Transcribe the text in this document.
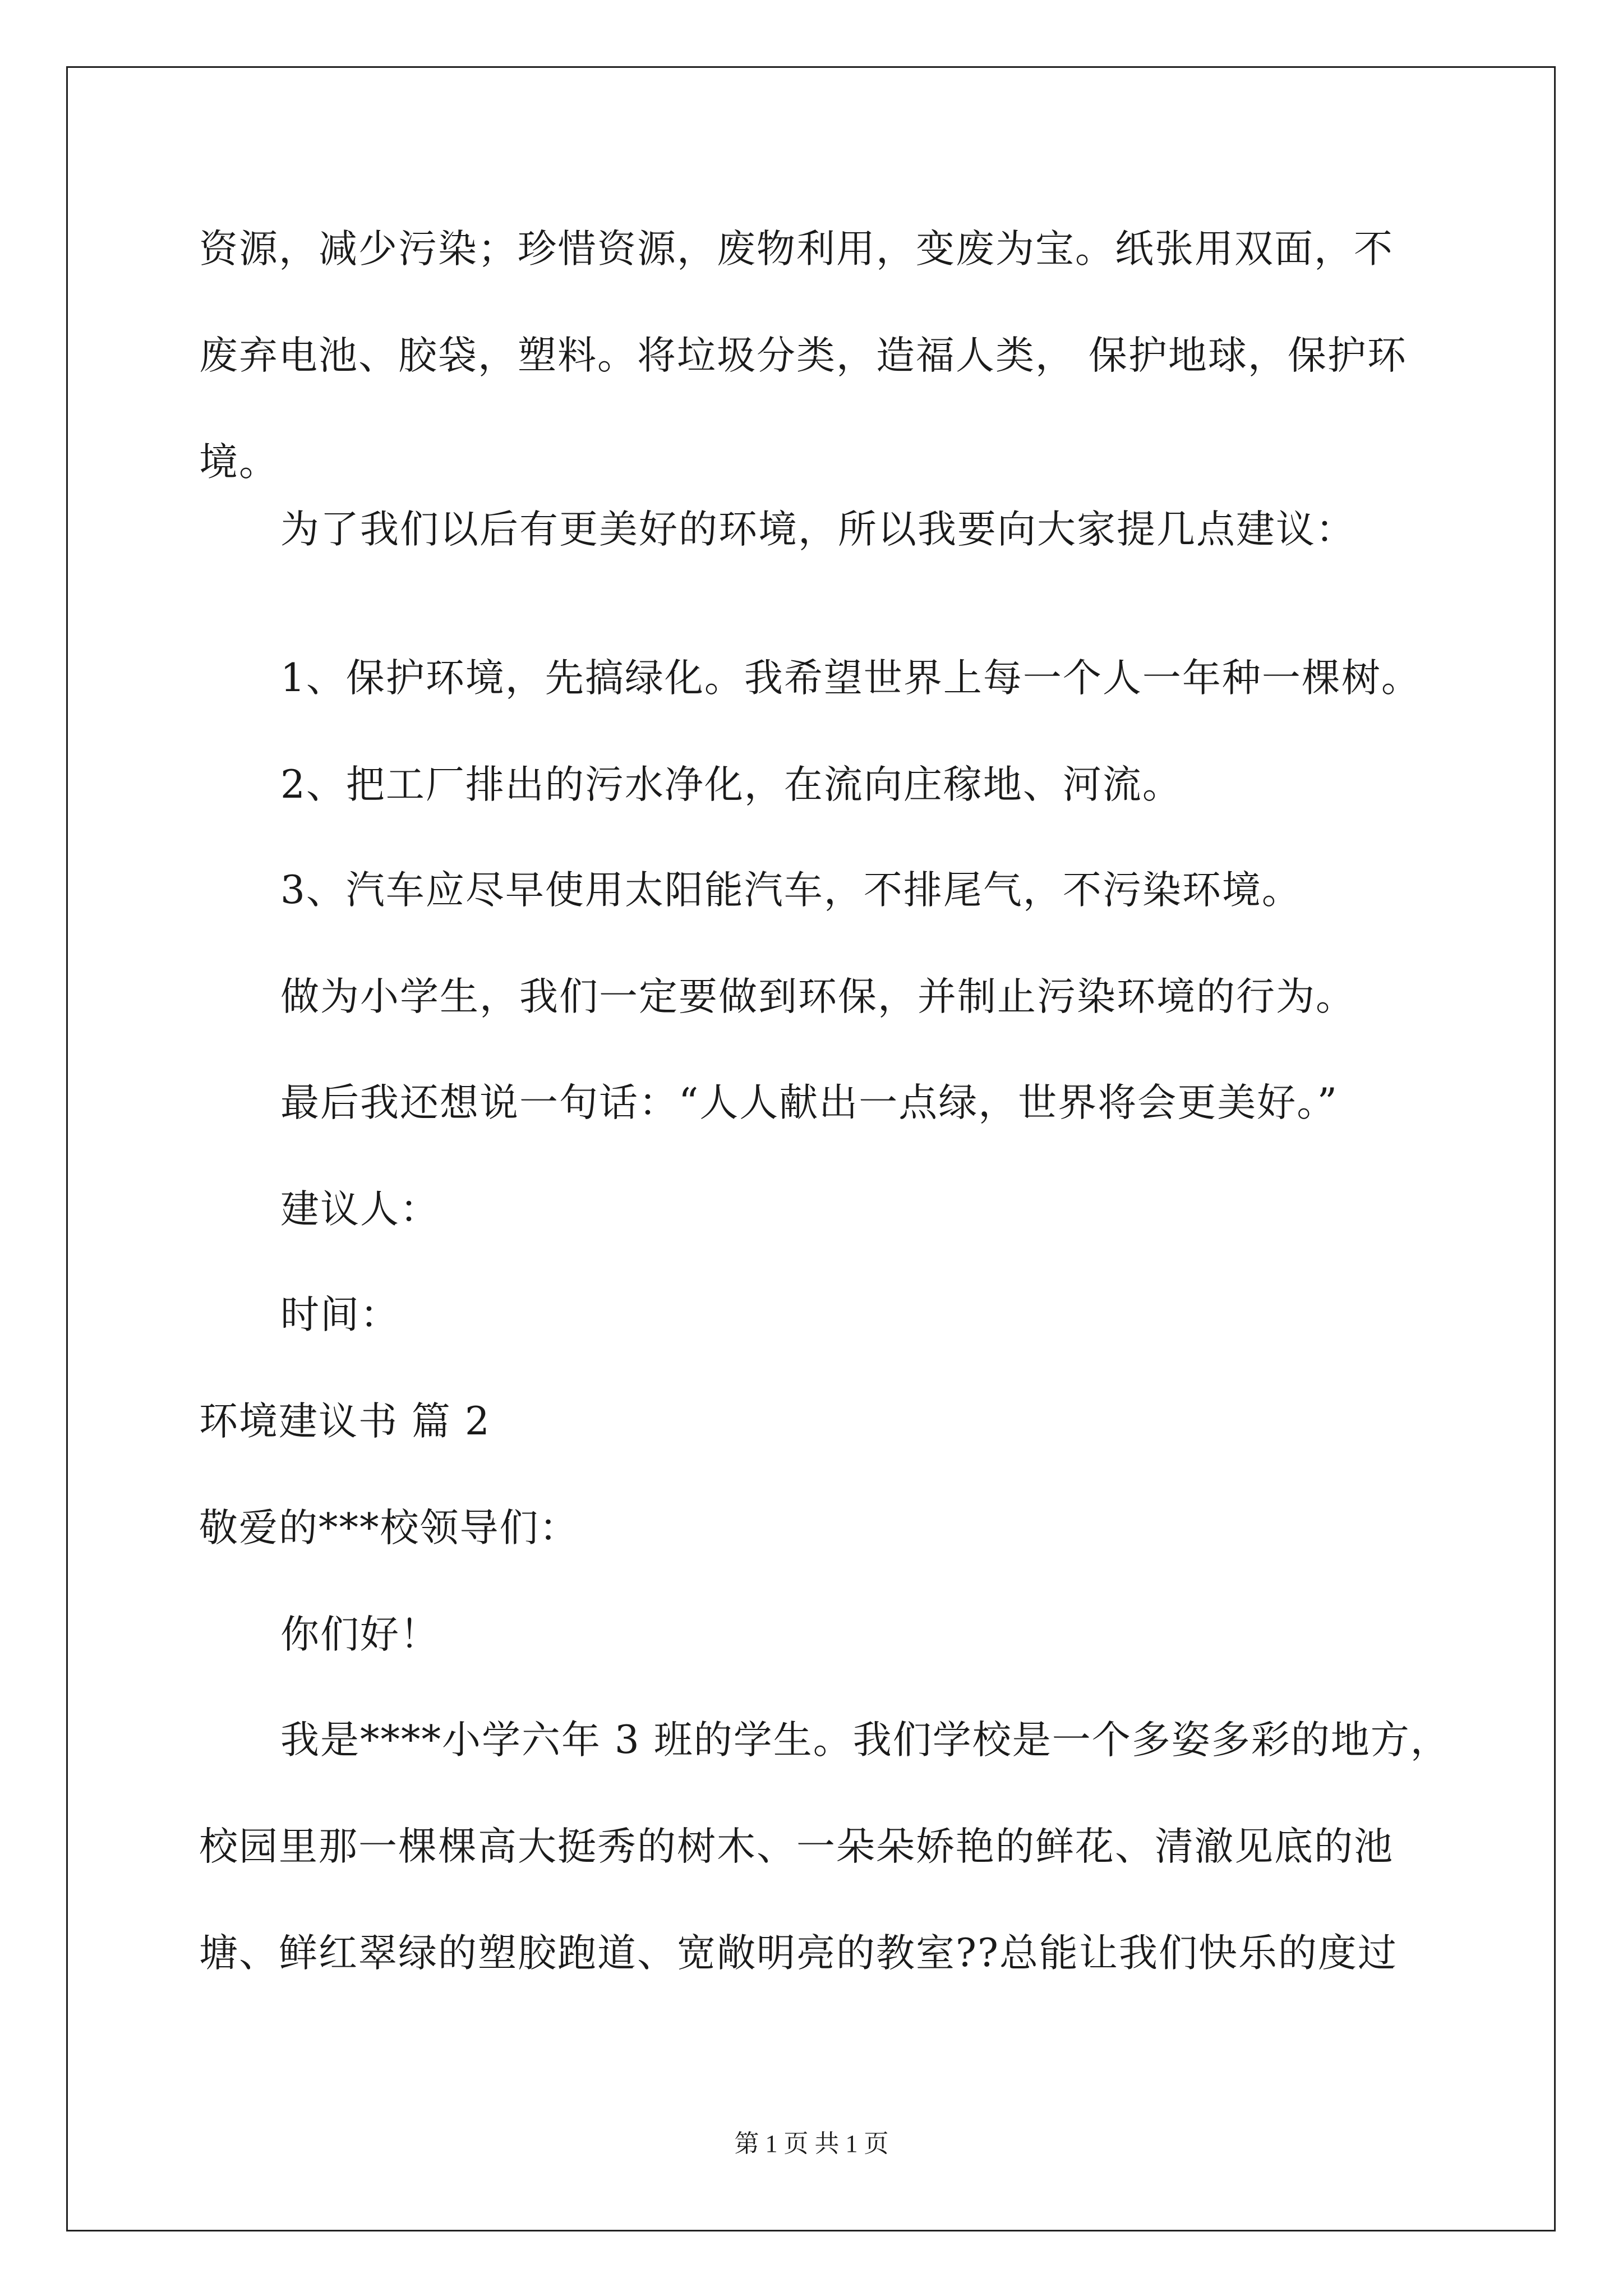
资源，减少污染；珍惜资源，废物利用，变废为宝。纸张用双面，不
废弃电池、胶袋，塑料。将垃圾分类，造福人类， 保护地球，保护环
境。
为了我们以后有更美好的环境，所以我要向大家提几点建议：
1、保护环境，先搞绿化。我希望世界上每一个人一年种一棵树。
2、把工厂排出的污水净化，在流向庄稼地、河流。
3、汽车应尽早使用太阳能汽车，不排尾气，不污染环境。
做为小学生，我们一定要做到环保，并制止污染环境的行为。
最后我还想说一句话：“人人献出一点绿，世界将会更美好。”
建议人：
时间：
环境建议书 篇 2
敬爱的***校领导们：
你们好！
我是****小学六年 3 班的学生。我们学校是一个多姿多彩的地方，
校园里那一棵棵高大挺秀的树木、一朵朵娇艳的鲜花、清澈见底的池
塘、鲜红翠绿的塑胶跑道、宽敞明亮的教室??总能让我们快乐的度过
第 1 页 共 1 页
